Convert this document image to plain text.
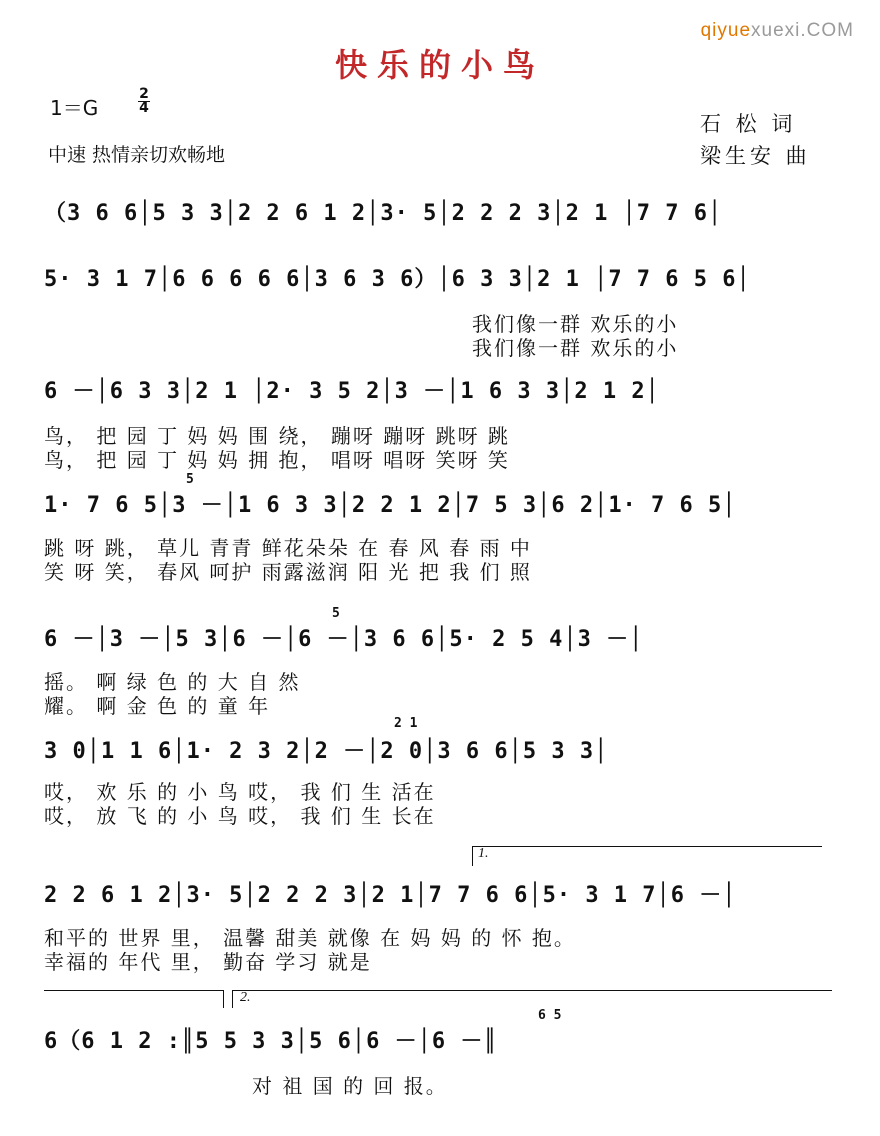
qiyuexuexi.COM
快乐的小鸟
1＝G
2
4
中速 热情亲切欢畅地
石 松 词
梁生安 曲
（3 6 6│5 3 3│2 2 6 1 2│3· 5│2 2 2 3│2 1 │7 7 6│
5· 3 1 7│6 6 6 6 6│3 6 3 6）│6 3 3│2 1 │7 7 6 5 6│
我们像一群 欢乐的小
我们像一群 欢乐的小
6 －│6 3 3│2 1 │2· 3 5 2│3 －│1 6 3 3│2 1 2│
鸟， 把 园 丁 妈 妈 围 绕， 蹦呀 蹦呀 跳呀 跳
鸟， 把 园 丁 妈 妈 拥 抱， 唱呀 唱呀 笑呀 笑
5
1· 7 6 5│3 －│1 6 3 3│2 2 1 2│7 5 3│6 2│1· 7 6 5│
跳 呀 跳， 草儿 青青 鲜花朵朵 在 春 风 春 雨 中
笑 呀 笑， 春风 呵护 雨露滋润 阳 光 把 我 们 照
5
6 －│3 －│5 3│6 －│6 －│3 6 6│5· 2 5 4│3 －│
摇。 啊 绿 色 的 大 自 然
耀。 啊 金 色 的 童 年
2 1
3 0│1 1 6│1· 2 3 2│2 －│2 0│3 6 6│5 3 3│
哎， 欢 乐 的 小 鸟 哎， 我 们 生 活在
哎， 放 飞 的 小 鸟 哎， 我 们 生 长在
1.
2 2 6 1 2│3· 5│2 2 2 3│2 1│7 7 6 6│5· 3 1 7│6 －│
和平的 世界 里， 温馨 甜美 就像 在 妈 妈 的 怀 抱。
幸福的 年代 里， 勤奋 学习 就是
2.
6 5
6（6 1 2 :║5 5 3 3│5 6│6 －│6 －║
对 祖 国 的 回 报。
